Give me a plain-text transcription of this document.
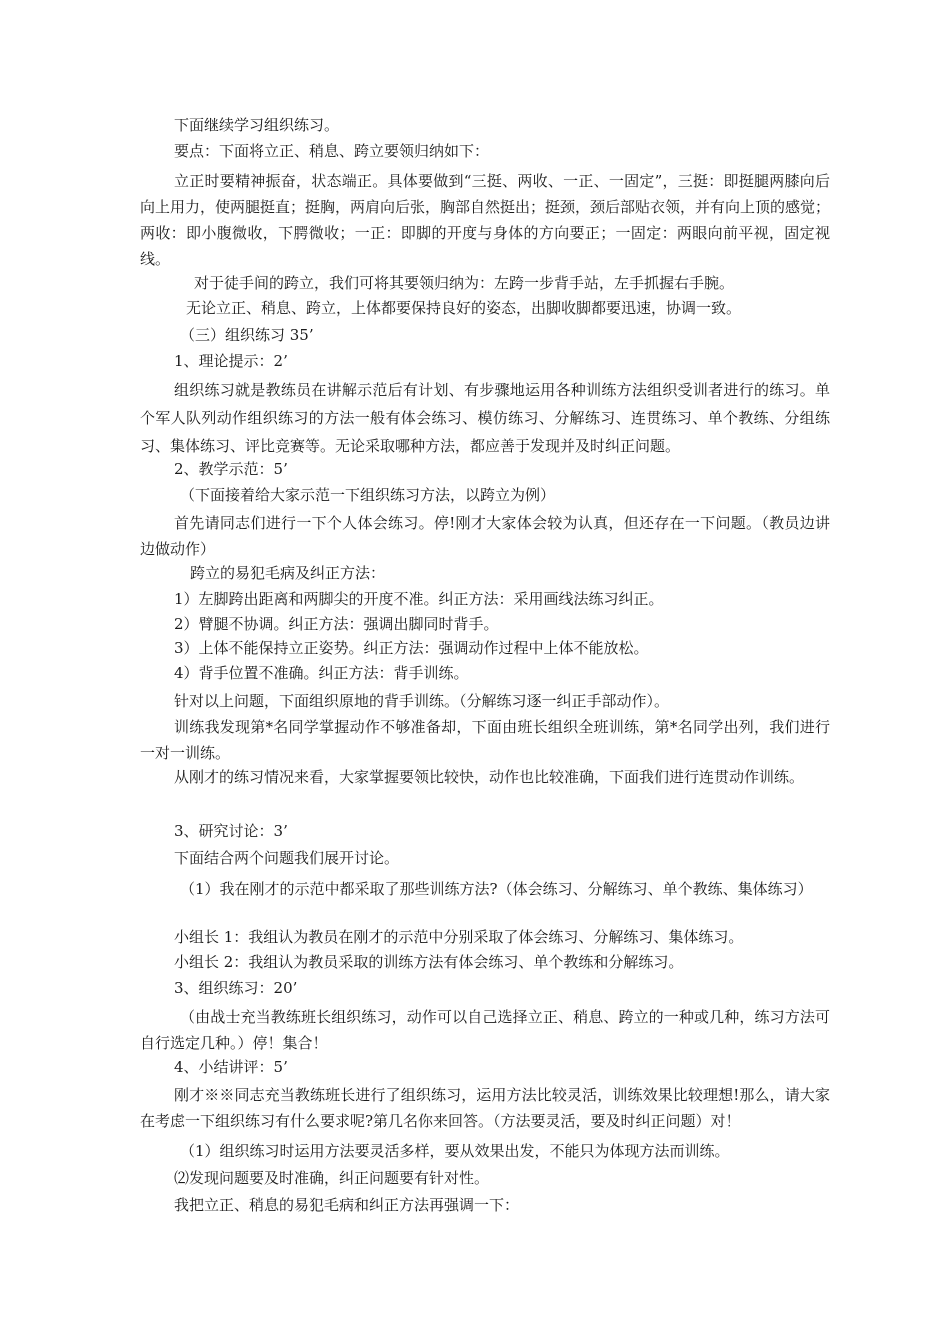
下面继续学习组织练习。
要点：下面将立正、稍息、跨立要领归纳如下：
立正时要精神振奋，状态端正。具体要做到“三挺、两收、一正、一固定”，三挺：即挺腿两膝向后向上用力，使两腿挺直；挺胸，两肩向后张，胸部自然挺出；挺颈，颈后部贴衣领，并有向上顶的感觉；两收：即小腹微收，下腭微收；一正：即脚的开度与身体的方向要正；一固定：两眼向前平视，固定视线。
对于徒手间的跨立，我们可将其要领归纳为：左跨一步背手站，左手抓握右手腕。
无论立正、稍息、跨立，上体都要保持良好的姿态，出脚收脚都要迅速，协调一致。
（三）组织练习 35’
1、理论提示：2’
组织练习就是教练员在讲解示范后有计划、有步骤地运用各种训练方法组织受训者进行的练习。单个军人队列动作组织练习的方法一般有体会练习、模仿练习、分解练习、连贯练习、单个教练、分组练习、集体练习、评比竞赛等。无论采取哪种方法，都应善于发现并及时纠正问题。
2、教学示范：5’
（下面接着给大家示范一下组织练习方法，以跨立为例）
首先请同志们进行一下个人体会练习。停!刚才大家体会较为认真，但还存在一下问题。（教员边讲边做动作）
跨立的易犯毛病及纠正方法：
1）左脚跨出距离和两脚尖的开度不准。纠正方法：采用画线法练习纠正。
2）臂腿不协调。纠正方法：强调出脚同时背手。
3）上体不能保持立正姿势。纠正方法：强调动作过程中上体不能放松。
4）背手位置不准确。纠正方法：背手训练。
针对以上问题，下面组织原地的背手训练。（分解练习逐一纠正手部动作）。
训练我发现第*名同学掌握动作不够准备却，下面由班长组织全班训练，第*名同学出列，我们进行一对一训练。
从刚才的练习情况来看，大家掌握要领比较快，动作也比较准确，下面我们进行连贯动作训练。
3、研究讨论：3’
下面结合两个问题我们展开讨论。
（1）我在刚才的示范中都采取了那些训练方法?（体会练习、分解练习、单个教练、集体练习）
小组长 1：我组认为教员在刚才的示范中分别采取了体会练习、分解练习、集体练习。
小组长 2：我组认为教员采取的训练方法有体会练习、单个教练和分解练习。
3、组织练习：20’
（由战士充当教练班长组织练习，动作可以自己选择立正、稍息、跨立的一种或几种，练习方法可自行选定几种。）停！集合！
4、小结讲评：5’
刚才※※同志充当教练班长进行了组织练习，运用方法比较灵活，训练效果比较理想!那么，请大家在考虑一下组织练习有什么要求呢?第几名你来回答。（方法要灵活，要及时纠正问题）对！
（1）组织练习时运用方法要灵活多样，要从效果出发，不能只为体现方法而训练。
⑵发现问题要及时准确，纠正问题要有针对性。
我把立正、稍息的易犯毛病和纠正方法再强调一下：
